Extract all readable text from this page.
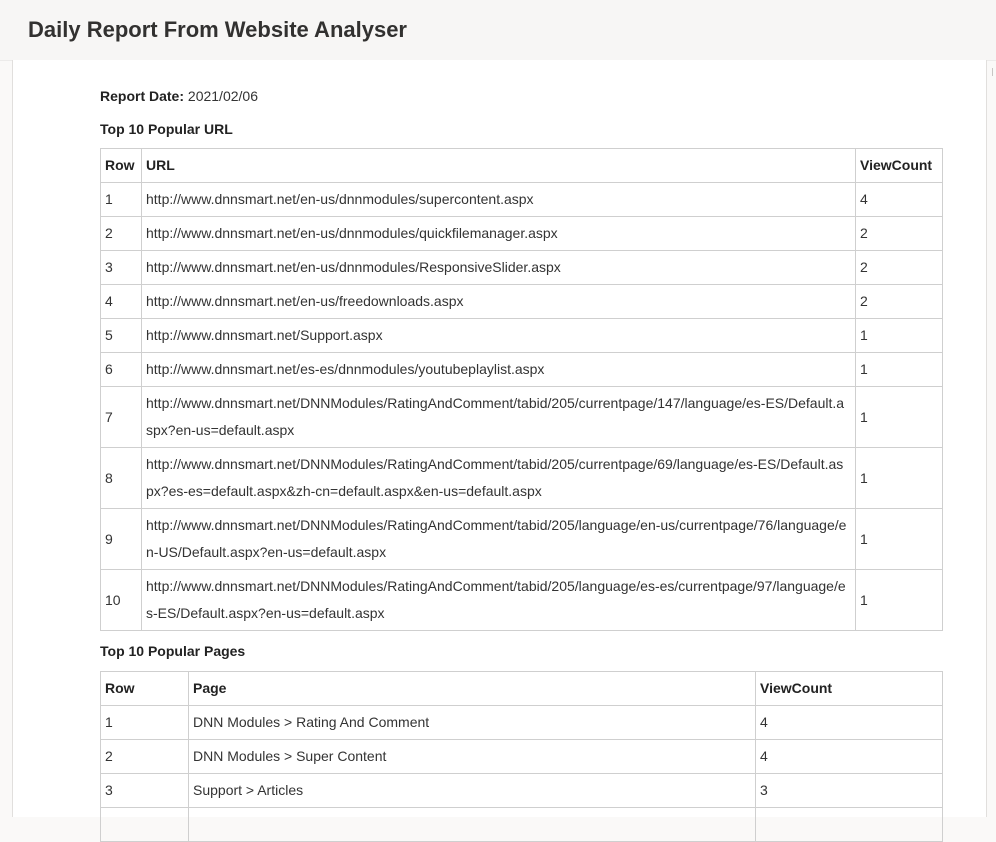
Daily Report From Website Analyser
Report Date: 2021/02/06
Top 10 Popular URL
Row	URL	ViewCount
1	http://www.dnnsmart.net/en-us/dnnmodules/supercontent.aspx	4
2	http://www.dnnsmart.net/en-us/dnnmodules/quickfilemanager.aspx	2
3	http://www.dnnsmart.net/en-us/dnnmodules/ResponsiveSlider.aspx	2
4	http://www.dnnsmart.net/en-us/freedownloads.aspx	2
5	http://www.dnnsmart.net/Support.aspx	1
6	http://www.dnnsmart.net/es-es/dnnmodules/youtubeplaylist.aspx	1
7	http://www.dnnsmart.net/DNNModules/RatingAndComment/tabid/205/currentpage/147/language/es-ES/Default.aspx?en-us=default.aspx	1
8	http://www.dnnsmart.net/DNNModules/RatingAndComment/tabid/205/currentpage/69/language/es-ES/Default.aspx?es-es=default.aspx&zh-cn=default.aspx&en-us=default.aspx	1
9	http://www.dnnsmart.net/DNNModules/RatingAndComment/tabid/205/language/en-us/currentpage/76/language/en-US/Default.aspx?en-us=default.aspx	1
10	http://www.dnnsmart.net/DNNModules/RatingAndComment/tabid/205/language/es-es/currentpage/97/language/es-ES/Default.aspx?en-us=default.aspx	1
Top 10 Popular Pages
Row	Page	ViewCount
1	DNN Modules > Rating And Comment	4
2	DNN Modules > Super Content	4
3	Support > Articles	3
